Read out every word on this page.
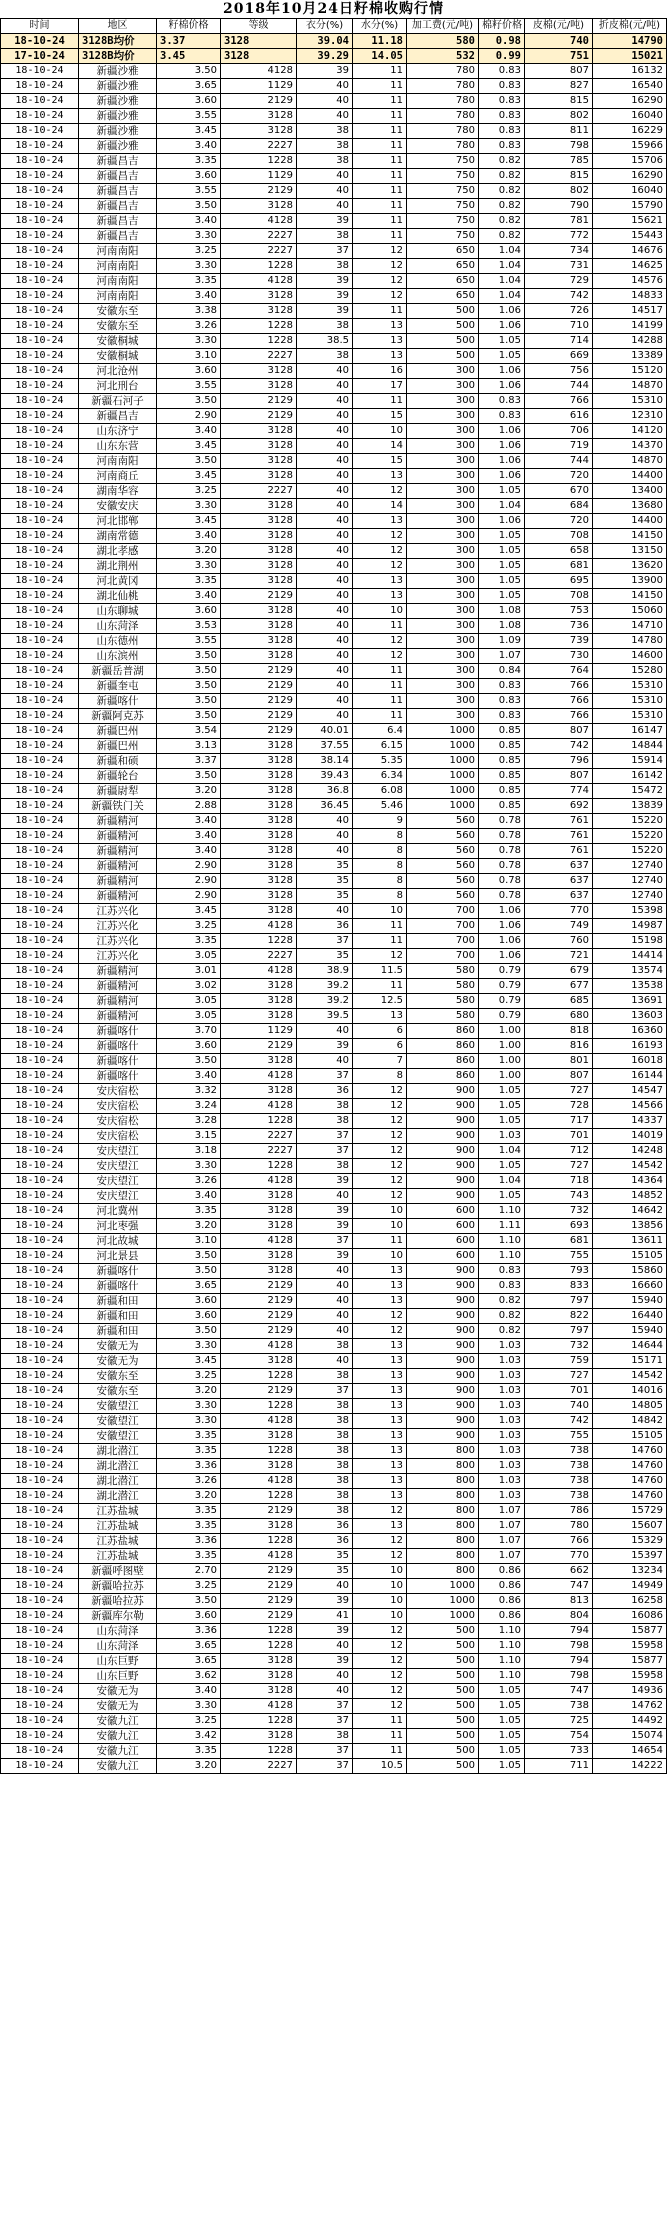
2018年10月24日籽棉收购行情
时间	地区	籽棉价格	等级	衣分(%)	水分(%)	加工费(元/吨)	棉籽价格	皮棉(元/吨)	折皮棉(元/吨)
18-10-24	3128B均价	3.37	3128	39.04	11.18	580	0.98	740	14790
17-10-24	3128B均价	3.45	3128	39.29	14.05	532	0.99	751	15021
18-10-24	新疆沙雅	3.50	4128	39	11	780	0.83	807	16132
18-10-24	新疆沙雅	3.65	1129	40	11	780	0.83	827	16540
18-10-24	新疆沙雅	3.60	2129	40	11	780	0.83	815	16290
18-10-24	新疆沙雅	3.55	3128	40	11	780	0.83	802	16040
18-10-24	新疆沙雅	3.45	3128	38	11	780	0.83	811	16229
18-10-24	新疆沙雅	3.40	2227	38	11	780	0.83	798	15966
18-10-24	新疆昌吉	3.35	1228	38	11	750	0.82	785	15706
18-10-24	新疆昌吉	3.60	1129	40	11	750	0.82	815	16290
18-10-24	新疆昌吉	3.55	2129	40	11	750	0.82	802	16040
18-10-24	新疆昌吉	3.50	3128	40	11	750	0.82	790	15790
18-10-24	新疆昌吉	3.40	4128	39	11	750	0.82	781	15621
18-10-24	新疆昌吉	3.30	2227	38	11	750	0.82	772	15443
18-10-24	河南南阳	3.25	2227	37	12	650	1.04	734	14676
18-10-24	河南南阳	3.30	1228	38	12	650	1.04	731	14625
18-10-24	河南南阳	3.35	4128	39	12	650	1.04	729	14576
18-10-24	河南南阳	3.40	3128	39	12	650	1.04	742	14833
18-10-24	安徽东至	3.38	3128	39	11	500	1.06	726	14517
18-10-24	安徽东至	3.26	1228	38	13	500	1.06	710	14199
18-10-24	安徽桐城	3.30	1228	38.5	13	500	1.05	714	14288
18-10-24	安徽桐城	3.10	2227	38	13	500	1.05	669	13389
18-10-24	河北沧州	3.60	3128	40	16	300	1.06	756	15120
18-10-24	河北刑台	3.55	3128	40	17	300	1.06	744	14870
18-10-24	新疆石河子	3.50	2129	40	11	300	0.83	766	15310
18-10-24	新疆昌吉	2.90	2129	40	15	300	0.83	616	12310
18-10-24	山东济宁	3.40	3128	40	10	300	1.06	706	14120
18-10-24	山东东营	3.45	3128	40	14	300	1.06	719	14370
18-10-24	河南南阳	3.50	3128	40	15	300	1.06	744	14870
18-10-24	河南商丘	3.45	3128	40	13	300	1.06	720	14400
18-10-24	湖南华容	3.25	2227	40	12	300	1.05	670	13400
18-10-24	安徽安庆	3.30	3128	40	14	300	1.04	684	13680
18-10-24	河北邯郸	3.45	3128	40	13	300	1.06	720	14400
18-10-24	湖南常德	3.40	3128	40	12	300	1.05	708	14150
18-10-24	湖北孝感	3.20	3128	40	12	300	1.05	658	13150
18-10-24	湖北荆州	3.30	3128	40	12	300	1.05	681	13620
18-10-24	河北黄冈	3.35	3128	40	13	300	1.05	695	13900
18-10-24	湖北仙桃	3.40	2129	40	13	300	1.05	708	14150
18-10-24	山东聊城	3.60	3128	40	10	300	1.08	753	15060
18-10-24	山东菏泽	3.53	3128	40	11	300	1.08	736	14710
18-10-24	山东德州	3.55	3128	40	12	300	1.09	739	14780
18-10-24	山东滨州	3.50	3128	40	12	300	1.07	730	14600
18-10-24	新疆岳普湖	3.50	2129	40	11	300	0.84	764	15280
18-10-24	新疆奎屯	3.50	2129	40	11	300	0.83	766	15310
18-10-24	新疆喀什	3.50	2129	40	11	300	0.83	766	15310
18-10-24	新疆阿克苏	3.50	2129	40	11	300	0.83	766	15310
18-10-24	新疆巴州	3.54	2129	40.01	6.4	1000	0.85	807	16147
18-10-24	新疆巴州	3.13	3128	37.55	6.15	1000	0.85	742	14844
18-10-24	新疆和硕	3.37	3128	38.14	5.35	1000	0.85	796	15914
18-10-24	新疆轮台	3.50	3128	39.43	6.34	1000	0.85	807	16142
18-10-24	新疆尉犁	3.20	3128	36.8	6.08	1000	0.85	774	15472
18-10-24	新疆铁门关	2.88	3128	36.45	5.46	1000	0.85	692	13839
18-10-24	新疆精河	3.40	3128	40	9	560	0.78	761	15220
18-10-24	新疆精河	3.40	3128	40	8	560	0.78	761	15220
18-10-24	新疆精河	3.40	3128	40	8	560	0.78	761	15220
18-10-24	新疆精河	2.90	3128	35	8	560	0.78	637	12740
18-10-24	新疆精河	2.90	3128	35	8	560	0.78	637	12740
18-10-24	新疆精河	2.90	3128	35	8	560	0.78	637	12740
18-10-24	江苏兴化	3.45	3128	40	10	700	1.06	770	15398
18-10-24	江苏兴化	3.25	4128	36	11	700	1.06	749	14987
18-10-24	江苏兴化	3.35	1228	37	11	700	1.06	760	15198
18-10-24	江苏兴化	3.05	2227	35	12	700	1.06	721	14414
18-10-24	新疆精河	3.01	4128	38.9	11.5	580	0.79	679	13574
18-10-24	新疆精河	3.02	3128	39.2	11	580	0.79	677	13538
18-10-24	新疆精河	3.05	3128	39.2	12.5	580	0.79	685	13691
18-10-24	新疆精河	3.05	3128	39.5	13	580	0.79	680	13603
18-10-24	新疆喀什	3.70	1129	40	6	860	1.00	818	16360
18-10-24	新疆喀什	3.60	2129	39	6	860	1.00	816	16193
18-10-24	新疆喀什	3.50	3128	40	7	860	1.00	801	16018
18-10-24	新疆喀什	3.40	4128	37	8	860	1.00	807	16144
18-10-24	安庆宿松	3.32	3128	36	12	900	1.05	727	14547
18-10-24	安庆宿松	3.24	4128	38	12	900	1.05	728	14566
18-10-24	安庆宿松	3.28	1228	38	12	900	1.05	717	14337
18-10-24	安庆宿松	3.15	2227	37	12	900	1.03	701	14019
18-10-24	安庆望江	3.18	2227	37	12	900	1.04	712	14248
18-10-24	安庆望江	3.30	1228	38	12	900	1.05	727	14542
18-10-24	安庆望江	3.26	4128	39	12	900	1.04	718	14364
18-10-24	安庆望江	3.40	3128	40	12	900	1.05	743	14852
18-10-24	河北冀州	3.35	3128	39	10	600	1.10	732	14642
18-10-24	河北枣强	3.20	3128	39	10	600	1.11	693	13856
18-10-24	河北故城	3.10	4128	37	11	600	1.10	681	13611
18-10-24	河北景县	3.50	3128	39	10	600	1.10	755	15105
18-10-24	新疆喀什	3.50	3128	40	13	900	0.83	793	15860
18-10-24	新疆喀什	3.65	2129	40	13	900	0.83	833	16660
18-10-24	新疆和田	3.60	2129	40	13	900	0.82	797	15940
18-10-24	新疆和田	3.60	2129	40	12	900	0.82	822	16440
18-10-24	新疆和田	3.50	2129	40	12	900	0.82	797	15940
18-10-24	安徽无为	3.30	4128	38	13	900	1.03	732	14644
18-10-24	安徽无为	3.45	3128	40	13	900	1.03	759	15171
18-10-24	安徽东至	3.25	1228	38	13	900	1.03	727	14542
18-10-24	安徽东至	3.20	2129	37	13	900	1.03	701	14016
18-10-24	安徽望江	3.30	1228	38	13	900	1.03	740	14805
18-10-24	安徽望江	3.30	4128	38	13	900	1.03	742	14842
18-10-24	安徽望江	3.35	3128	38	13	900	1.03	755	15105
18-10-24	湖北潜江	3.35	1228	38	13	800	1.03	738	14760
18-10-24	湖北潜江	3.36	3128	38	13	800	1.03	738	14760
18-10-24	湖北潜江	3.26	4128	38	13	800	1.03	738	14760
18-10-24	湖北潜江	3.20	1228	38	13	800	1.03	738	14760
18-10-24	江苏盐城	3.35	2129	38	12	800	1.07	786	15729
18-10-24	江苏盐城	3.35	3128	36	13	800	1.07	780	15607
18-10-24	江苏盐城	3.36	1228	36	12	800	1.07	766	15329
18-10-24	江苏盐城	3.35	4128	35	12	800	1.07	770	15397
18-10-24	新疆呼图壁	2.70	2129	35	10	800	0.86	662	13234
18-10-24	新疆哈拉苏	3.25	2129	40	10	1000	0.86	747	14949
18-10-24	新疆哈拉苏	3.50	2129	39	10	1000	0.86	813	16258
18-10-24	新疆库尔勒	3.60	2129	41	10	1000	0.86	804	16086
18-10-24	山东菏泽	3.36	1228	39	12	500	1.10	794	15877
18-10-24	山东菏泽	3.65	1228	40	12	500	1.10	798	15958
18-10-24	山东巨野	3.65	3128	39	12	500	1.10	794	15877
18-10-24	山东巨野	3.62	3128	40	12	500	1.10	798	15958
18-10-24	安徽无为	3.40	3128	40	12	500	1.05	747	14936
18-10-24	安徽无为	3.30	4128	37	12	500	1.05	738	14762
18-10-24	安徽九江	3.25	1228	37	11	500	1.05	725	14492
18-10-24	安徽九江	3.42	3128	38	11	500	1.05	754	15074
18-10-24	安徽九江	3.35	1228	37	11	500	1.05	733	14654
18-10-24	安徽九江	3.20	2227	37	10.5	500	1.05	711	14222
